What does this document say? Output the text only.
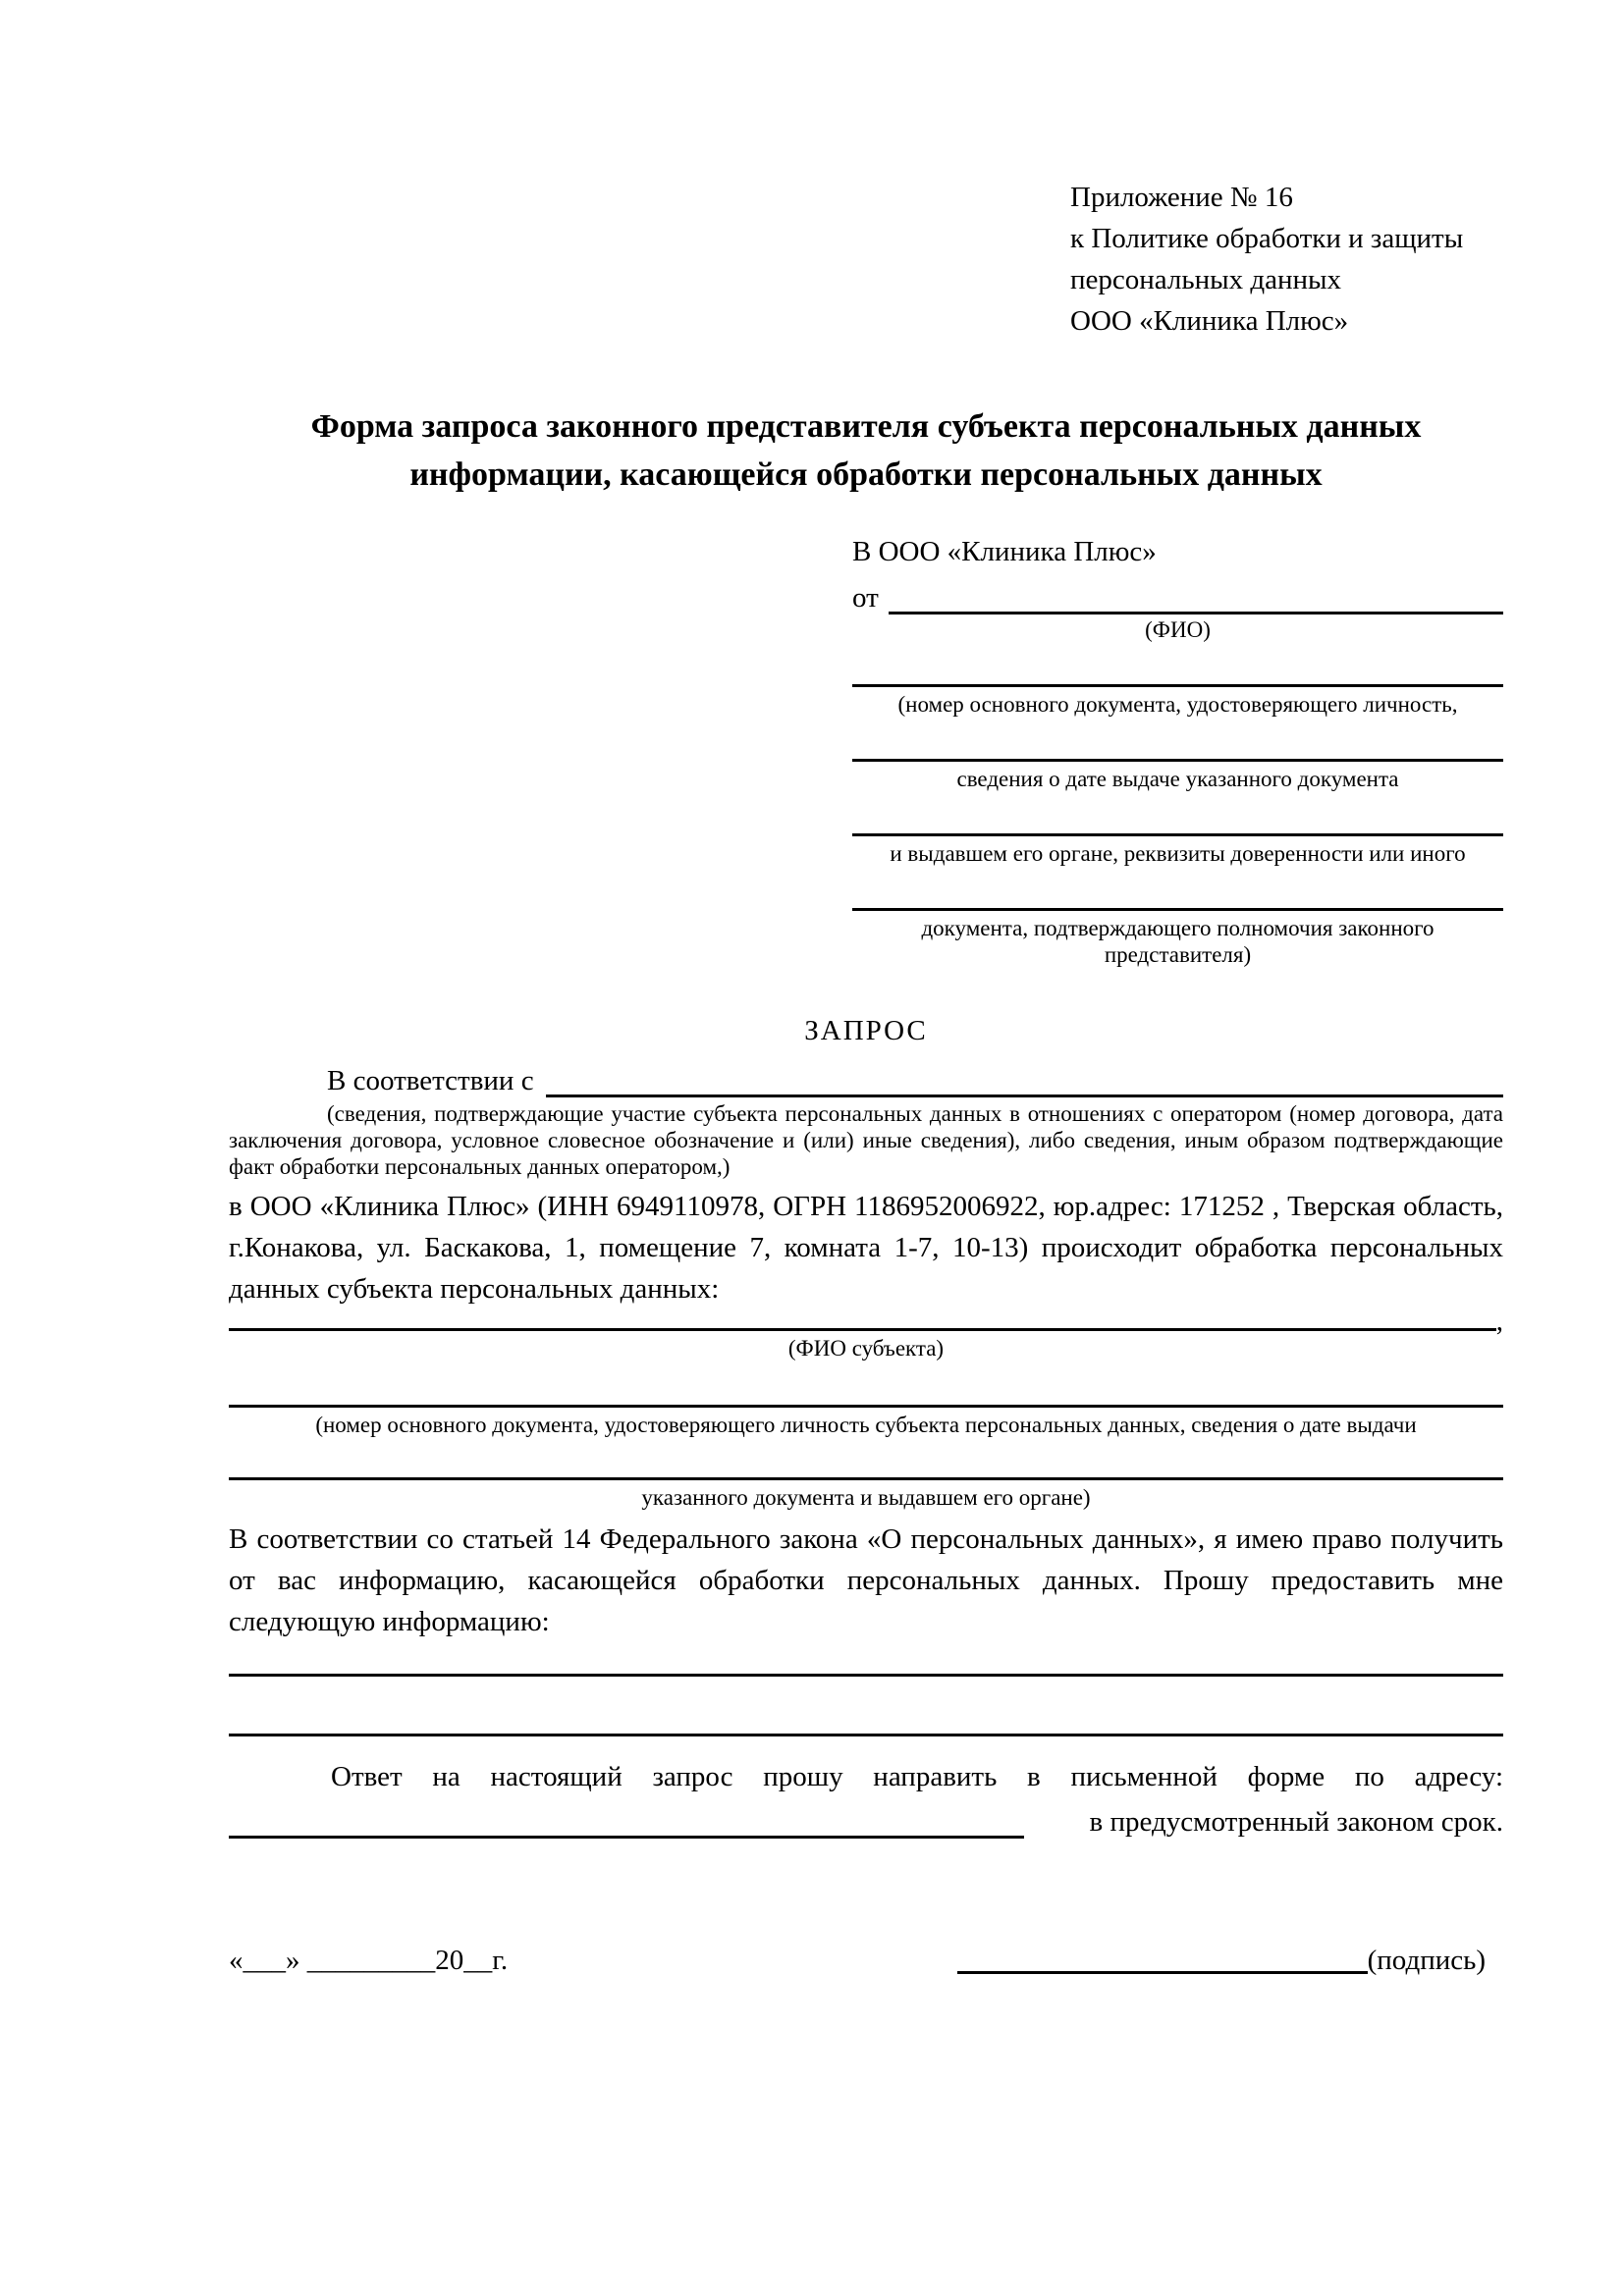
Приложение № 16
к Политике обработки и защиты
персональных данных
ООО «Клиника Плюс»
Форма запроса законного представителя субъекта персональных данных
информации, касающейся обработки персональных данных
В ООО «Клиника Плюс»
от
(ФИО)
(номер основного документа, удостоверяющего личность,
сведения о дате выдаче указанного документа
и выдавшем его органе, реквизиты доверенности или иного
документа, подтверждающего полномочия законного представителя)
ЗАПРОС
В соответствии с
(сведения, подтверждающие участие субъекта персональных данных в отношениях с оператором (номер договора, дата заключения договора, условное словесное обозначение и (или) иные сведения), либо сведения, иным образом подтверждающие факт обработки персональных данных оператором,)
в ООО «Клиника Плюс» (ИНН 6949110978, ОГРН 1186952006922, юр.адрес: 171252 , Тверская область, г.Конакова, ул. Баскакова, 1, помещение 7, комната 1-7, 10-13) происходит обработка персональных данных субъекта персональных данных:
,
(ФИО субъекта)
(номер основного документа, удостоверяющего личность субъекта персональных данных, сведения о дате выдачи
указанного документа и выдавшем его органе)
В соответствии со статьей 14 Федерального закона «О персональных данных», я имею право получить от вас информацию, касающейся обработки персональных данных. Прошу предоставить мне следующую информацию:
Ответ на настоящий запрос прошу направить в письменной форме по адресу:
в предусмотренный законом срок.
«___» _________20__г.	(подпись)
